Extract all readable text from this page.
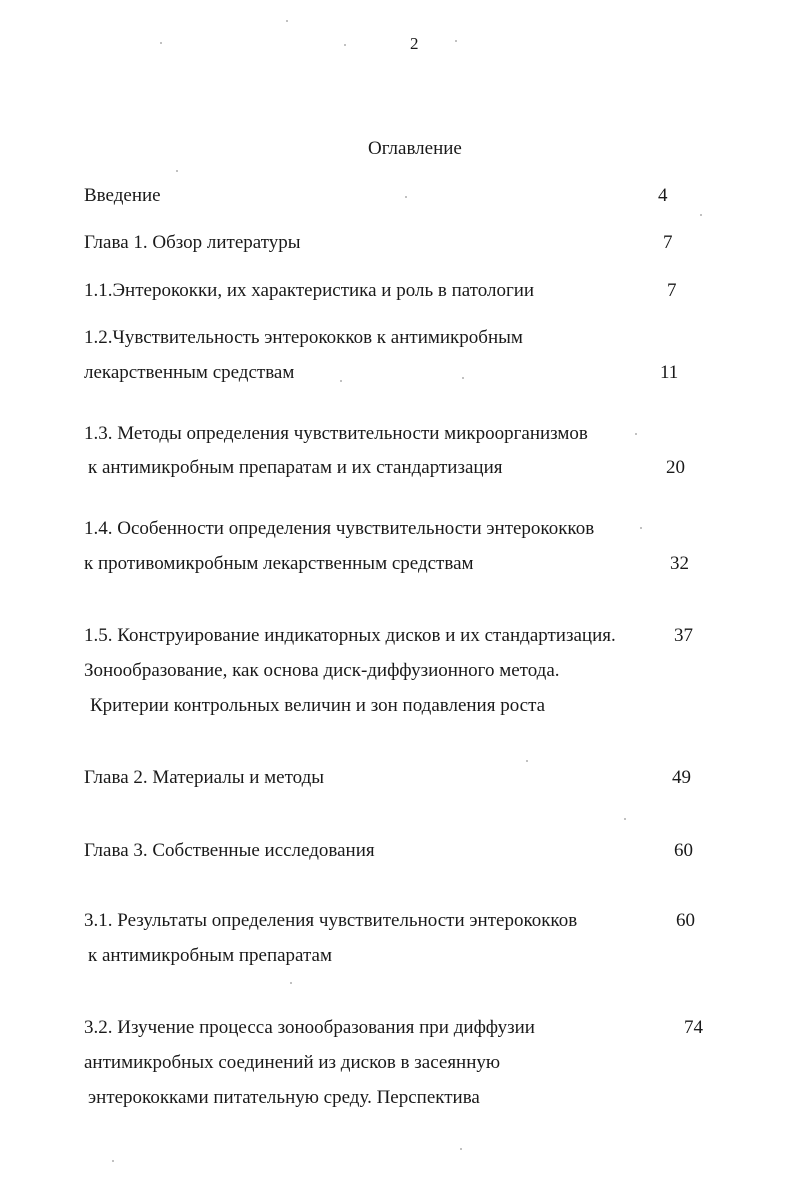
2
Оглавление
Введение	4
Глава 1. Обзор литературы	7
1.1.Энтерококки, их характеристика и роль в патологии	7
1.2.Чувствительность энтерококков к антимикробным
лекарственным средствам	11
1.3. Методы определения чувствительности микроорганизмов
к антимикробным препаратам и их стандартизация	20
1.4. Особенности определения чувствительности энтерококков
к противомикробным лекарственным средствам	32
1.5. Конструирование индикаторных дисков и их стандартизация.	37
Зонообразование, как основа диск-диффузионного метода.
Критерии контрольных величин и зон подавления роста
Глава 2. Материалы и методы	49
Глава 3. Собственные исследования	60
3.1. Результаты определения чувствительности энтерококков	60
к антимикробным препаратам
3.2. Изучение процесса зонообразования при диффузии	74
антимикробных соединений из дисков в засеянную
энтерококками питательную среду. Перспектива
